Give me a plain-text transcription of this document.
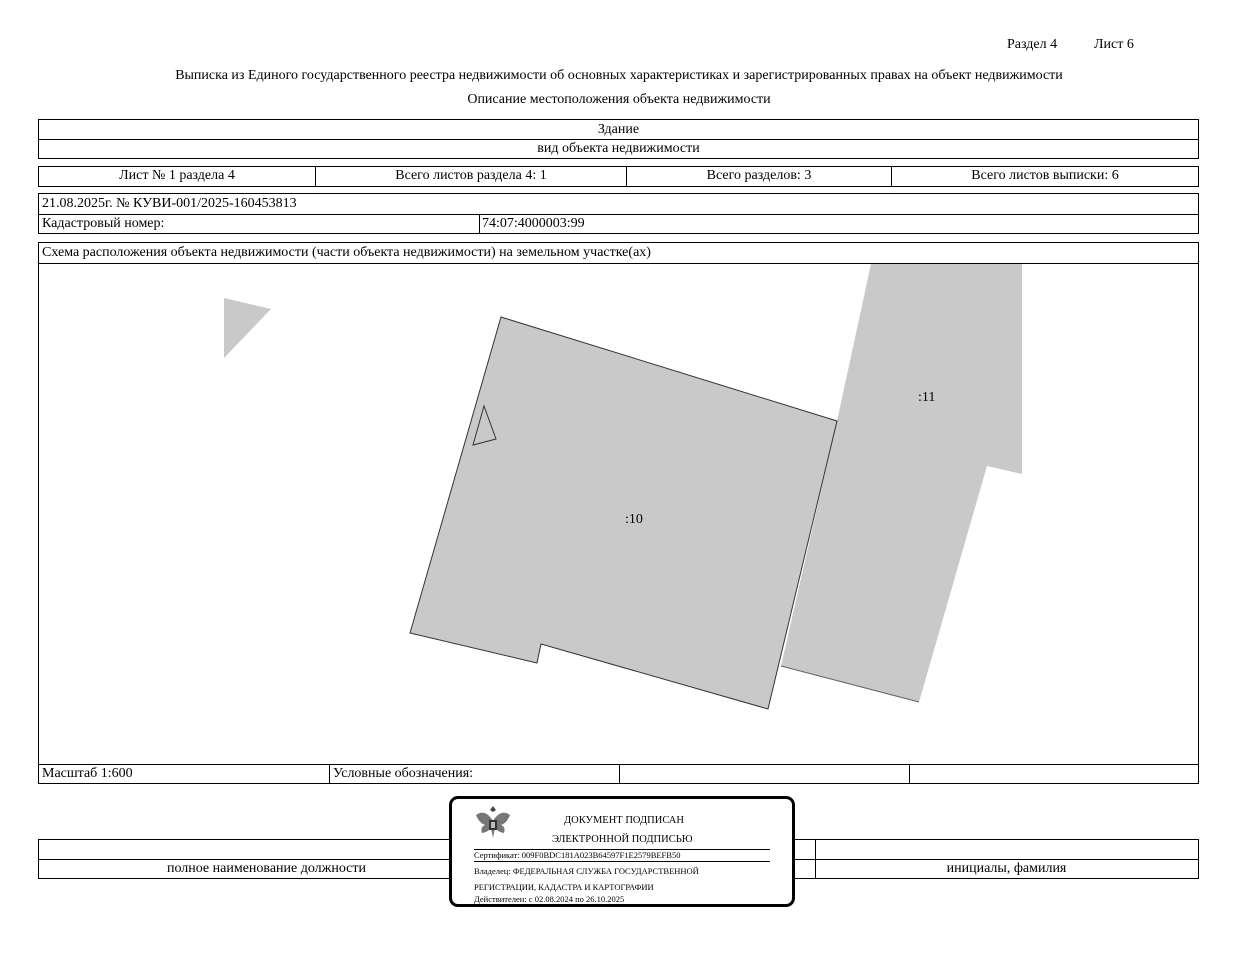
Раздел 4	Лист 6
Выписка из Единого государственного реестра недвижимости об основных характеристиках и зарегистрированных правах на объект недвижимости
Описание местоположения объекта недвижимости
Здание
вид объекта недвижимости
Лист № 1 раздела 4	Всего листов раздела 4: 1	Всего разделов: 3	Всего листов выписки: 6
21.08.2025г. № КУВИ-001/2025-160453813
Кадастровый номер:	74:07:4000003:99
Схема расположения объекта недвижимости (части объекта недвижимости) на земельном участке(ах)
:11
:10
Масштаб 1:600	Условные обозначения:
полное наименование должности	инициалы, фамилия
ДОКУМЕНТ ПОДПИСАН
ЭЛЕКТРОННОЙ ПОДПИСЬЮ
Сертификат: 009F0BDC181A023B64597F1E2579BEFB50
Владелец: ФЕДЕРАЛЬНАЯ СЛУЖБА ГОСУДАРСТВЕННОЙ
РЕГИСТРАЦИИ, КАДАСТРА И КАРТОГРАФИИ
Действителен: с 02.08.2024 по 26.10.2025
